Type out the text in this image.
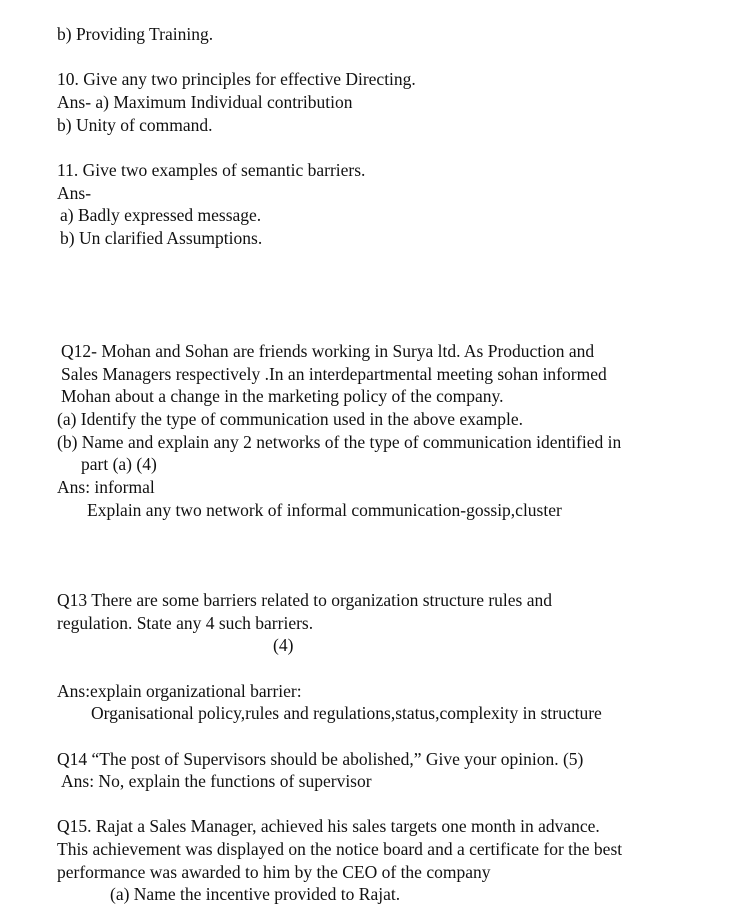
b) Providing Training.
10. Give any two principles for effective Directing.
Ans- a) Maximum Individual contribution
b) Unity of command.
11. Give two examples of semantic barriers.
Ans-
a) Badly expressed message.
b) Un clarified Assumptions.
Q12- Mohan and Sohan are friends working in Surya ltd. As Production and
Sales Managers respectively .In an interdepartmental meeting sohan informed
Mohan about a change in the marketing policy of the company.
(a) Identify the type of communication used in the above example.
(b) Name and explain any 2 networks of the type of communication identified in
part (a) (4)
Ans: informal
Explain any two network of informal communication-gossip,cluster
Q13 There are some barriers related to organization structure rules and
regulation. State any 4 such barriers.
(4)
Ans:explain organizational barrier:
Organisational policy,rules and regulations,status,complexity in structure
Q14 “The post of Supervisors should be abolished,” Give your opinion. (5)
Ans: No, explain the functions of supervisor
Q15. Rajat a Sales Manager, achieved his sales targets one month in advance.
This achievement was displayed on the notice board and a certificate for the best
performance was awarded to him by the CEO of the company
(a) Name the incentive provided to Rajat.
